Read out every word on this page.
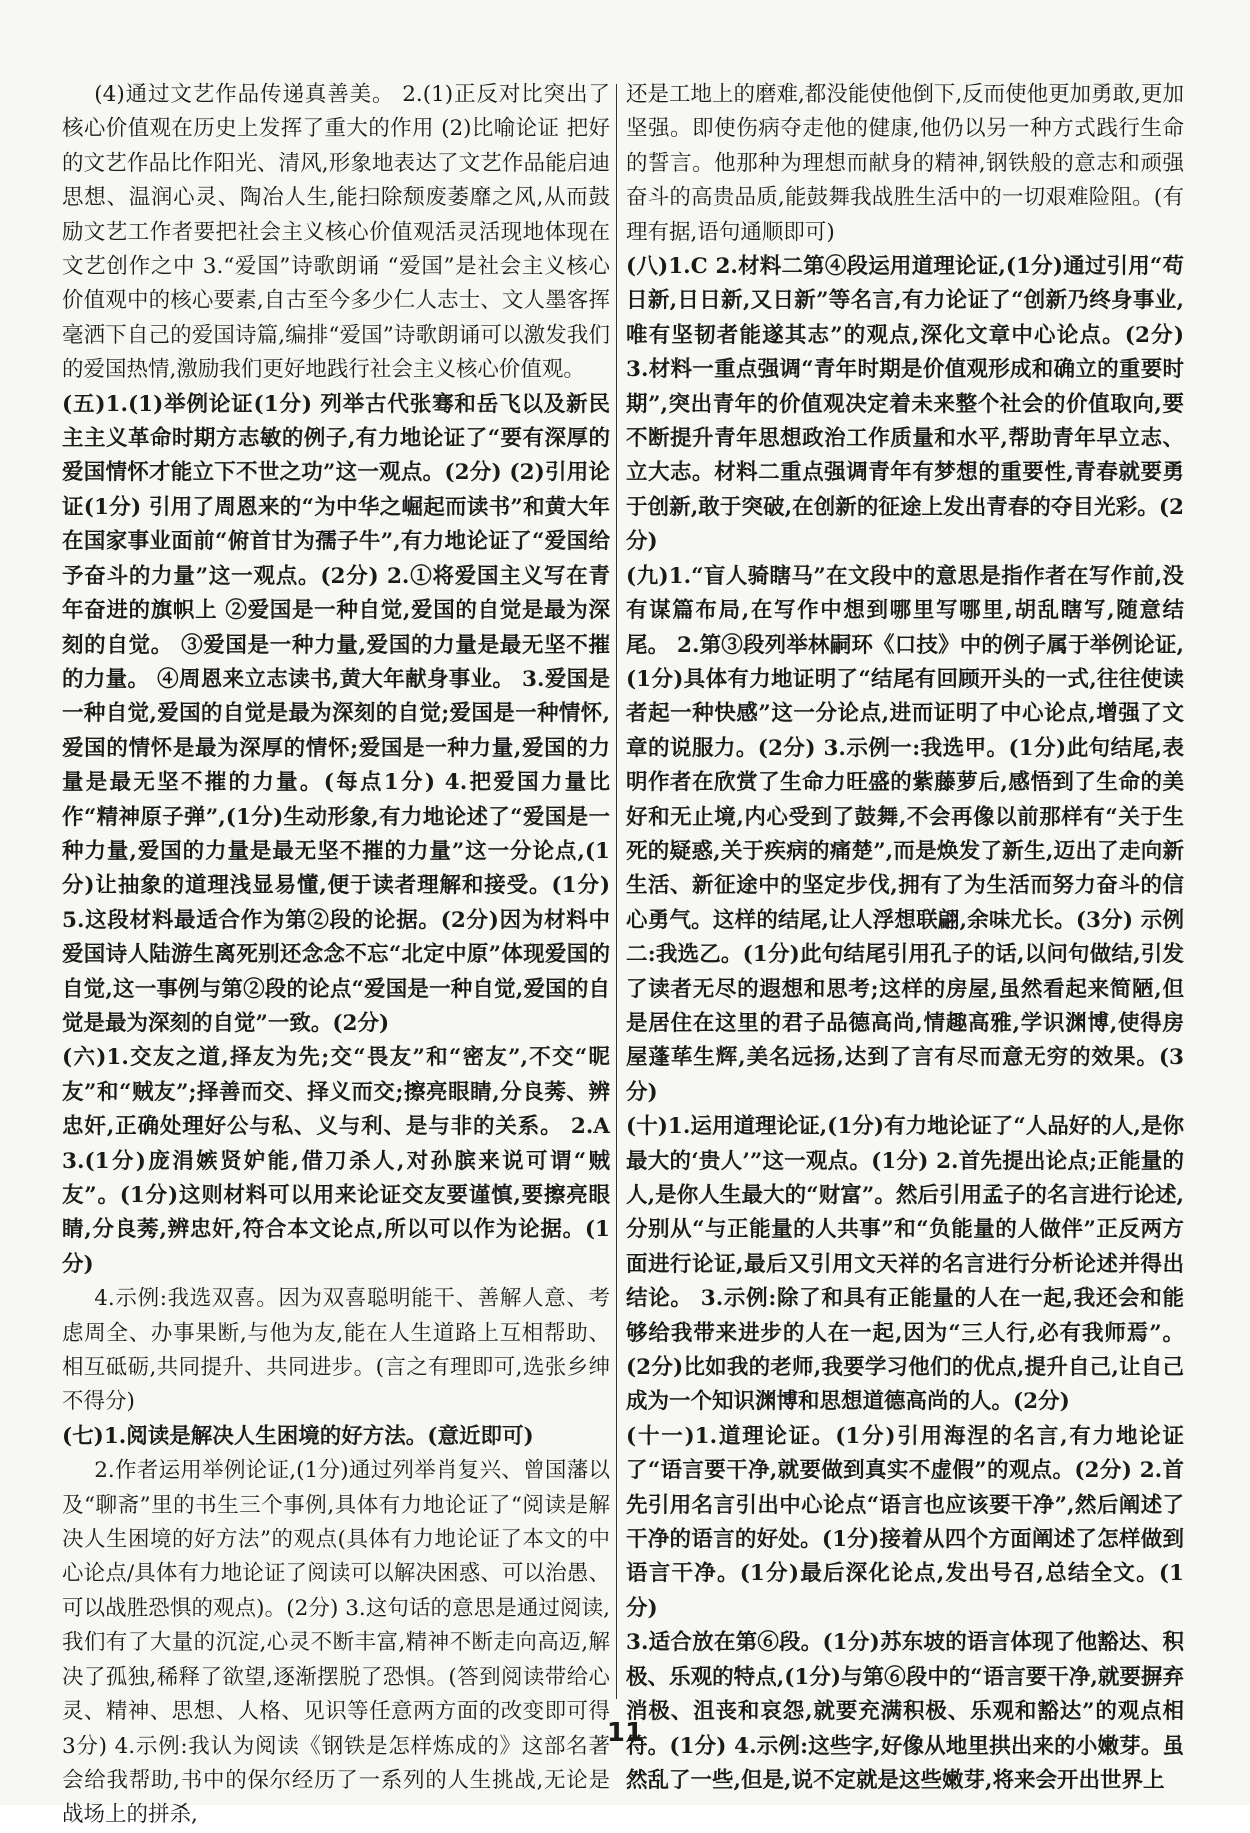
(4)通过文艺作品传递真善美。 2.(1)正反对比突出了核心价值观在历史上发挥了重大的作用 (2)比喻论证 把好的文艺作品比作阳光、清风,形象地表达了文艺作品能启迪思想、温润心灵、陶冶人生,能扫除颓废萎靡之风,从而鼓励文艺工作者要把社会主义核心价值观活灵活现地体现在文艺创作之中 3.“爱国”诗歌朗诵 “爱国”是社会主义核心价值观中的核心要素,自古至今多少仁人志士、文人墨客挥毫洒下自己的爱国诗篇,编排“爱国”诗歌朗诵可以激发我们的爱国热情,激励我们更好地践行社会主义核心价值观。

(五)1.(1)举例论证(1分) 列举古代张骞和岳飞以及新民主主义革命时期方志敏的例子,有力地论证了“要有深厚的爱国情怀才能立下不世之功”这一观点。(2分) (2)引用论证(1分) 引用了周恩来的“为中华之崛起而读书”和黄大年在国家事业面前“俯首甘为孺子牛”,有力地论证了“爱国给予奋斗的力量”这一观点。(2分) 2.①将爱国主义写在青年奋进的旗帜上 ②爱国是一种自觉,爱国的自觉是最为深刻的自觉。 ③爱国是一种力量,爱国的力量是最无坚不摧的力量。 ④周恩来立志读书,黄大年献身事业。 3.爱国是一种自觉,爱国的自觉是最为深刻的自觉;爱国是一种情怀,爱国的情怀是最为深厚的情怀;爱国是一种力量,爱国的力量是最无坚不摧的力量。(每点1分) 4.把爱国力量比作“精神原子弹”,(1分)生动形象,有力地论述了“爱国是一种力量,爱国的力量是最无坚不摧的力量”这一分论点,(1分)让抽象的道理浅显易懂,便于读者理解和接受。(1分) 5.这段材料最适合作为第②段的论据。(2分)因为材料中爱国诗人陆游生离死别还念念不忘“北定中原”体现爱国的自觉,这一事例与第②段的论点“爱国是一种自觉,爱国的自觉是最为深刻的自觉”一致。(2分)

(六)1.交友之道,择友为先;交“畏友”和“密友”,不交“昵友”和“贼友”;择善而交、择义而交;擦亮眼睛,分良莠、辨忠奸,正确处理好公与私、义与利、是与非的关系。 2.A 3.(1分)庞涓嫉贤妒能,借刀杀人,对孙膑来说可谓“贼友”。(1分)这则材料可以用来论证交友要谨慎,要擦亮眼睛,分良莠,辨忠奸,符合本文论点,所以可以作为论据。(1分)

4.示例:我选双喜。因为双喜聪明能干、善解人意、考虑周全、办事果断,与他为友,能在人生道路上互相帮助、相互砥砺,共同提升、共同进步。(言之有理即可,选张乡绅不得分)

(七)1.阅读是解决人生困境的好方法。(意近即可)

2.作者运用举例论证,(1分)通过列举肖复兴、曾国藩以及“聊斋”里的书生三个事例,具体有力地论证了“阅读是解决人生困境的好方法”的观点(具体有力地论证了本文的中心论点/具体有力地论证了阅读可以解决困惑、可以治愚、可以战胜恐惧的观点)。(2分) 3.这句话的意思是通过阅读,我们有了大量的沉淀,心灵不断丰富,精神不断走向高迈,解决了孤独,稀释了欲望,逐渐摆脱了恐惧。(答到阅读带给心灵、精神、思想、人格、见识等任意两方面的改变即可得3分) 4.示例:我认为阅读《钢铁是怎样炼成的》这部名著会给我帮助,书中的保尔经历了一系列的人生挑战,无论是战场上的拼杀,

还是工地上的磨难,都没能使他倒下,反而使他更加勇敢,更加坚强。即使伤病夺走他的健康,他仍以另一种方式践行生命的誓言。他那种为理想而献身的精神,钢铁般的意志和顽强奋斗的高贵品质,能鼓舞我战胜生活中的一切艰难险阻。(有理有据,语句通顺即可)

(八)1.C 2.材料二第④段运用道理论证,(1分)通过引用“苟日新,日日新,又日新”等名言,有力论证了“创新乃终身事业,唯有坚韧者能遂其志”的观点,深化文章中心论点。(2分) 3.材料一重点强调“青年时期是价值观形成和确立的重要时期”,突出青年的价值观决定着未来整个社会的价值取向,要不断提升青年思想政治工作质量和水平,帮助青年早立志、立大志。材料二重点强调青年有梦想的重要性,青春就要勇于创新,敢于突破,在创新的征途上发出青春的夺目光彩。(2分)

(九)1.“盲人骑瞎马”在文段中的意思是指作者在写作前,没有谋篇布局,在写作中想到哪里写哪里,胡乱瞎写,随意结尾。 2.第③段列举林嗣环《口技》中的例子属于举例论证,(1分)具体有力地证明了“结尾有回顾开头的一式,往往使读者起一种快感”这一分论点,进而证明了中心论点,增强了文章的说服力。(2分) 3.示例一:我选甲。(1分)此句结尾,表明作者在欣赏了生命力旺盛的紫藤萝后,感悟到了生命的美好和无止境,内心受到了鼓舞,不会再像以前那样有“关于生死的疑惑,关于疾病的痛楚”,而是焕发了新生,迈出了走向新生活、新征途中的坚定步伐,拥有了为生活而努力奋斗的信心勇气。这样的结尾,让人浮想联翩,余味尤长。(3分) 示例二:我选乙。(1分)此句结尾引用孔子的话,以问句做结,引发了读者无尽的遐想和思考;这样的房屋,虽然看起来简陋,但是居住在这里的君子品德高尚,情趣高雅,学识渊博,使得房屋蓬荜生辉,美名远扬,达到了言有尽而意无穷的效果。(3分)

(十)1.运用道理论证,(1分)有力地论证了“人品好的人,是你最大的‘贵人’”这一观点。(1分) 2.首先提出论点;正能量的人,是你人生最大的“财富”。然后引用孟子的名言进行论述,分别从“与正能量的人共事”和“负能量的人做伴”正反两方面进行论证,最后又引用文天祥的名言进行分析论述并得出结论。 3.示例:除了和具有正能量的人在一起,我还会和能够给我带来进步的人在一起,因为“三人行,必有我师焉”。(2分)比如我的老师,我要学习他们的优点,提升自己,让自己成为一个知识渊博和思想道德高尚的人。(2分)

(十一)1.道理论证。(1分)引用海涅的名言,有力地论证了“语言要干净,就要做到真实不虚假”的观点。(2分) 2.首先引用名言引出中心论点“语言也应该要干净”,然后阐述了干净的语言的好处。(1分)接着从四个方面阐述了怎样做到语言干净。(1分)最后深化论点,发出号召,总结全文。(1分)

3.适合放在第⑥段。(1分)苏东坡的语言体现了他豁达、积极、乐观的特点,(1分)与第⑥段中的“语言要干净,就要摒弃消极、沮丧和哀怨,就要充满积极、乐观和豁达”的观点相符。(1分) 4.示例:这些字,好像从地里拱出来的小嫩芽。虽然乱了一些,但是,说不定就是这些嫩芽,将来会开出世界上

11
